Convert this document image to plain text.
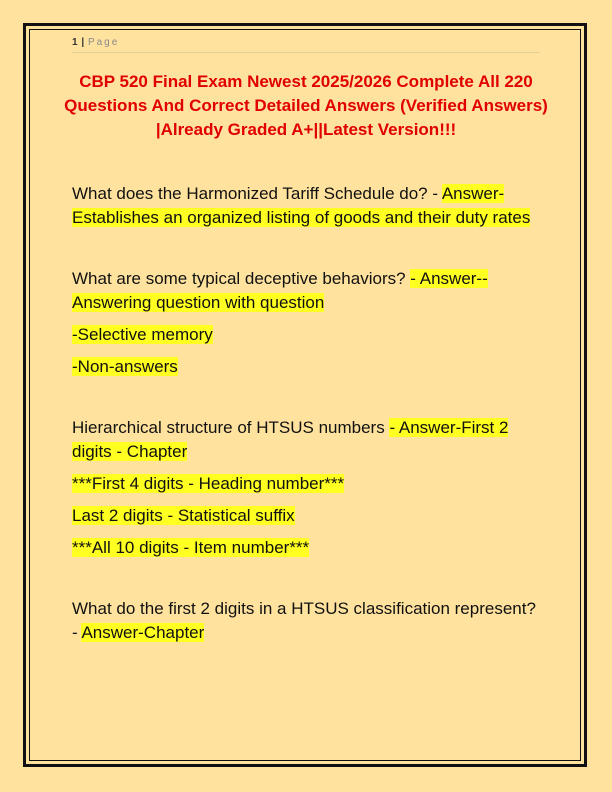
1 | Page
CBP 520 Final Exam Newest 2025/2026 Complete All 220 Questions And Correct Detailed Answers (Verified Answers) |Already Graded A+||Latest Version!!!
What does the Harmonized Tariff Schedule do? - Answer-Establishes an organized listing of goods and their duty rates
What are some typical deceptive behaviors? - Answer--Answering question with question
-Selective memory
-Non-answers
Hierarchical structure of HTSUS numbers - Answer-First 2 digits - Chapter
***First 4 digits - Heading number***
Last 2 digits - Statistical suffix
***All 10 digits - Item number***
What do the first 2 digits in a HTSUS classification represent? - Answer-Chapter
